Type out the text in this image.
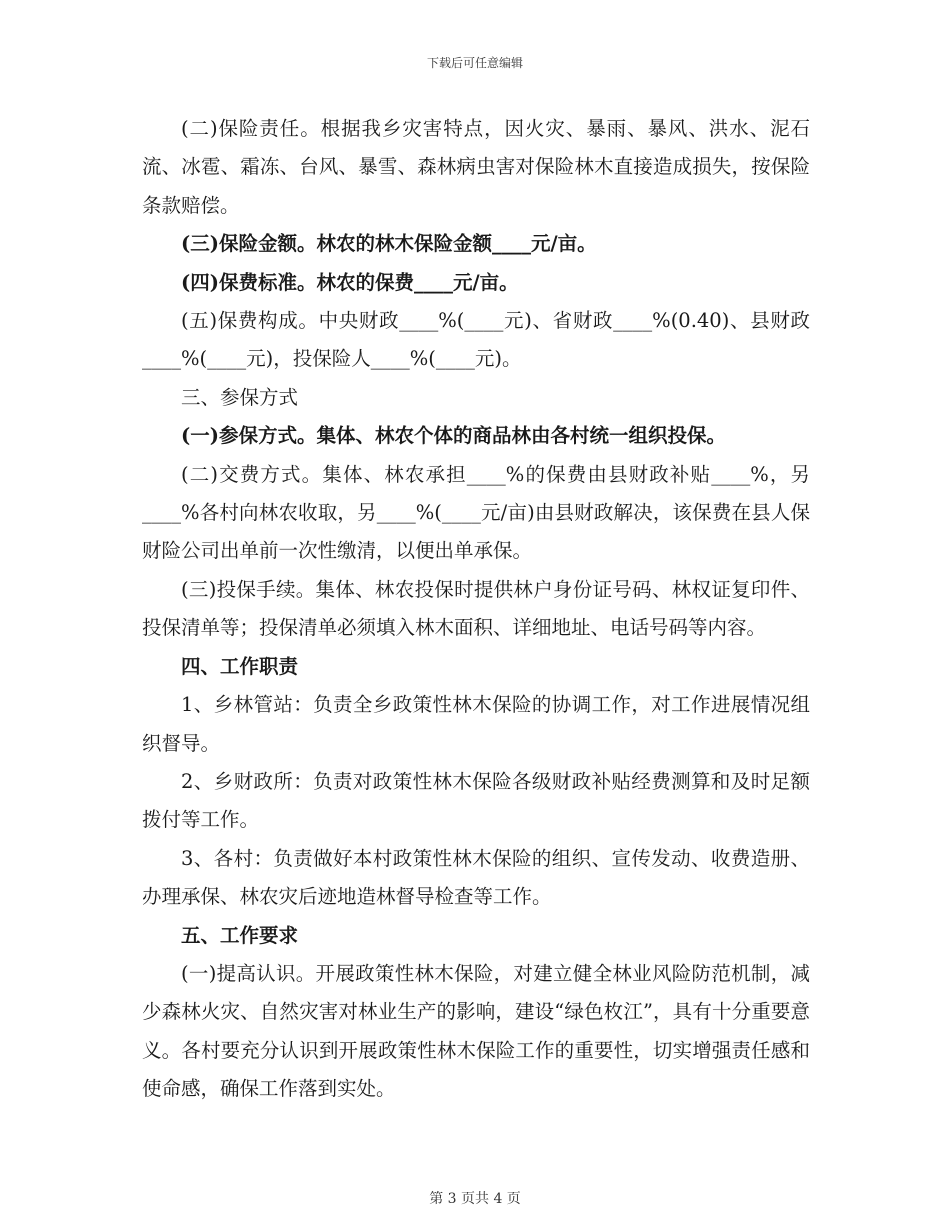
下载后可任意编辑

(二)保险责任。根据我乡灾害特点，因火灾、暴雨、暴风、洪水、泥石流、冰雹、霜冻、台风、暴雪、森林病虫害对保险林木直接造成损失，按保险条款赔偿。

(三)保险金额。林农的林木保险金额____元/亩。

(四)保费标准。林农的保费____元/亩。

(五)保费构成。中央财政____%(____元)、省财政____%(0.40)、县财政____%(____元)，投保险人____%(____元)。

三、参保方式

(一)参保方式。集体、林农个体的商品林由各村统一组织投保。

(二)交费方式。集体、林农承担____%的保费由县财政补贴____%，另____%各村向林农收取，另____%(____元/亩)由县财政解决，该保费在县人保财险公司出单前一次性缴清，以便出单承保。

(三)投保手续。集体、林农投保时提供林户身份证号码、林权证复印件、投保清单等；投保清单必须填入林木面积、详细地址、电话号码等内容。

四、工作职责

1、乡林管站：负责全乡政策性林木保险的协调工作，对工作进展情况组织督导。

2、乡财政所：负责对政策性林木保险各级财政补贴经费测算和及时足额拨付等工作。

3、各村：负责做好本村政策性林木保险的组织、宣传发动、收费造册、办理承保、林农灾后迹地造林督导检查等工作。

五、工作要求

(一)提高认识。开展政策性林木保险，对建立健全林业风险防范机制，减少森林火灾、自然灾害对林业生产的影响，建设“绿色枚江”，具有十分重要意义。各村要充分认识到开展政策性林木保险工作的重要性，切实增强责任感和使命感，确保工作落到实处。

第 3 页共 4 页
